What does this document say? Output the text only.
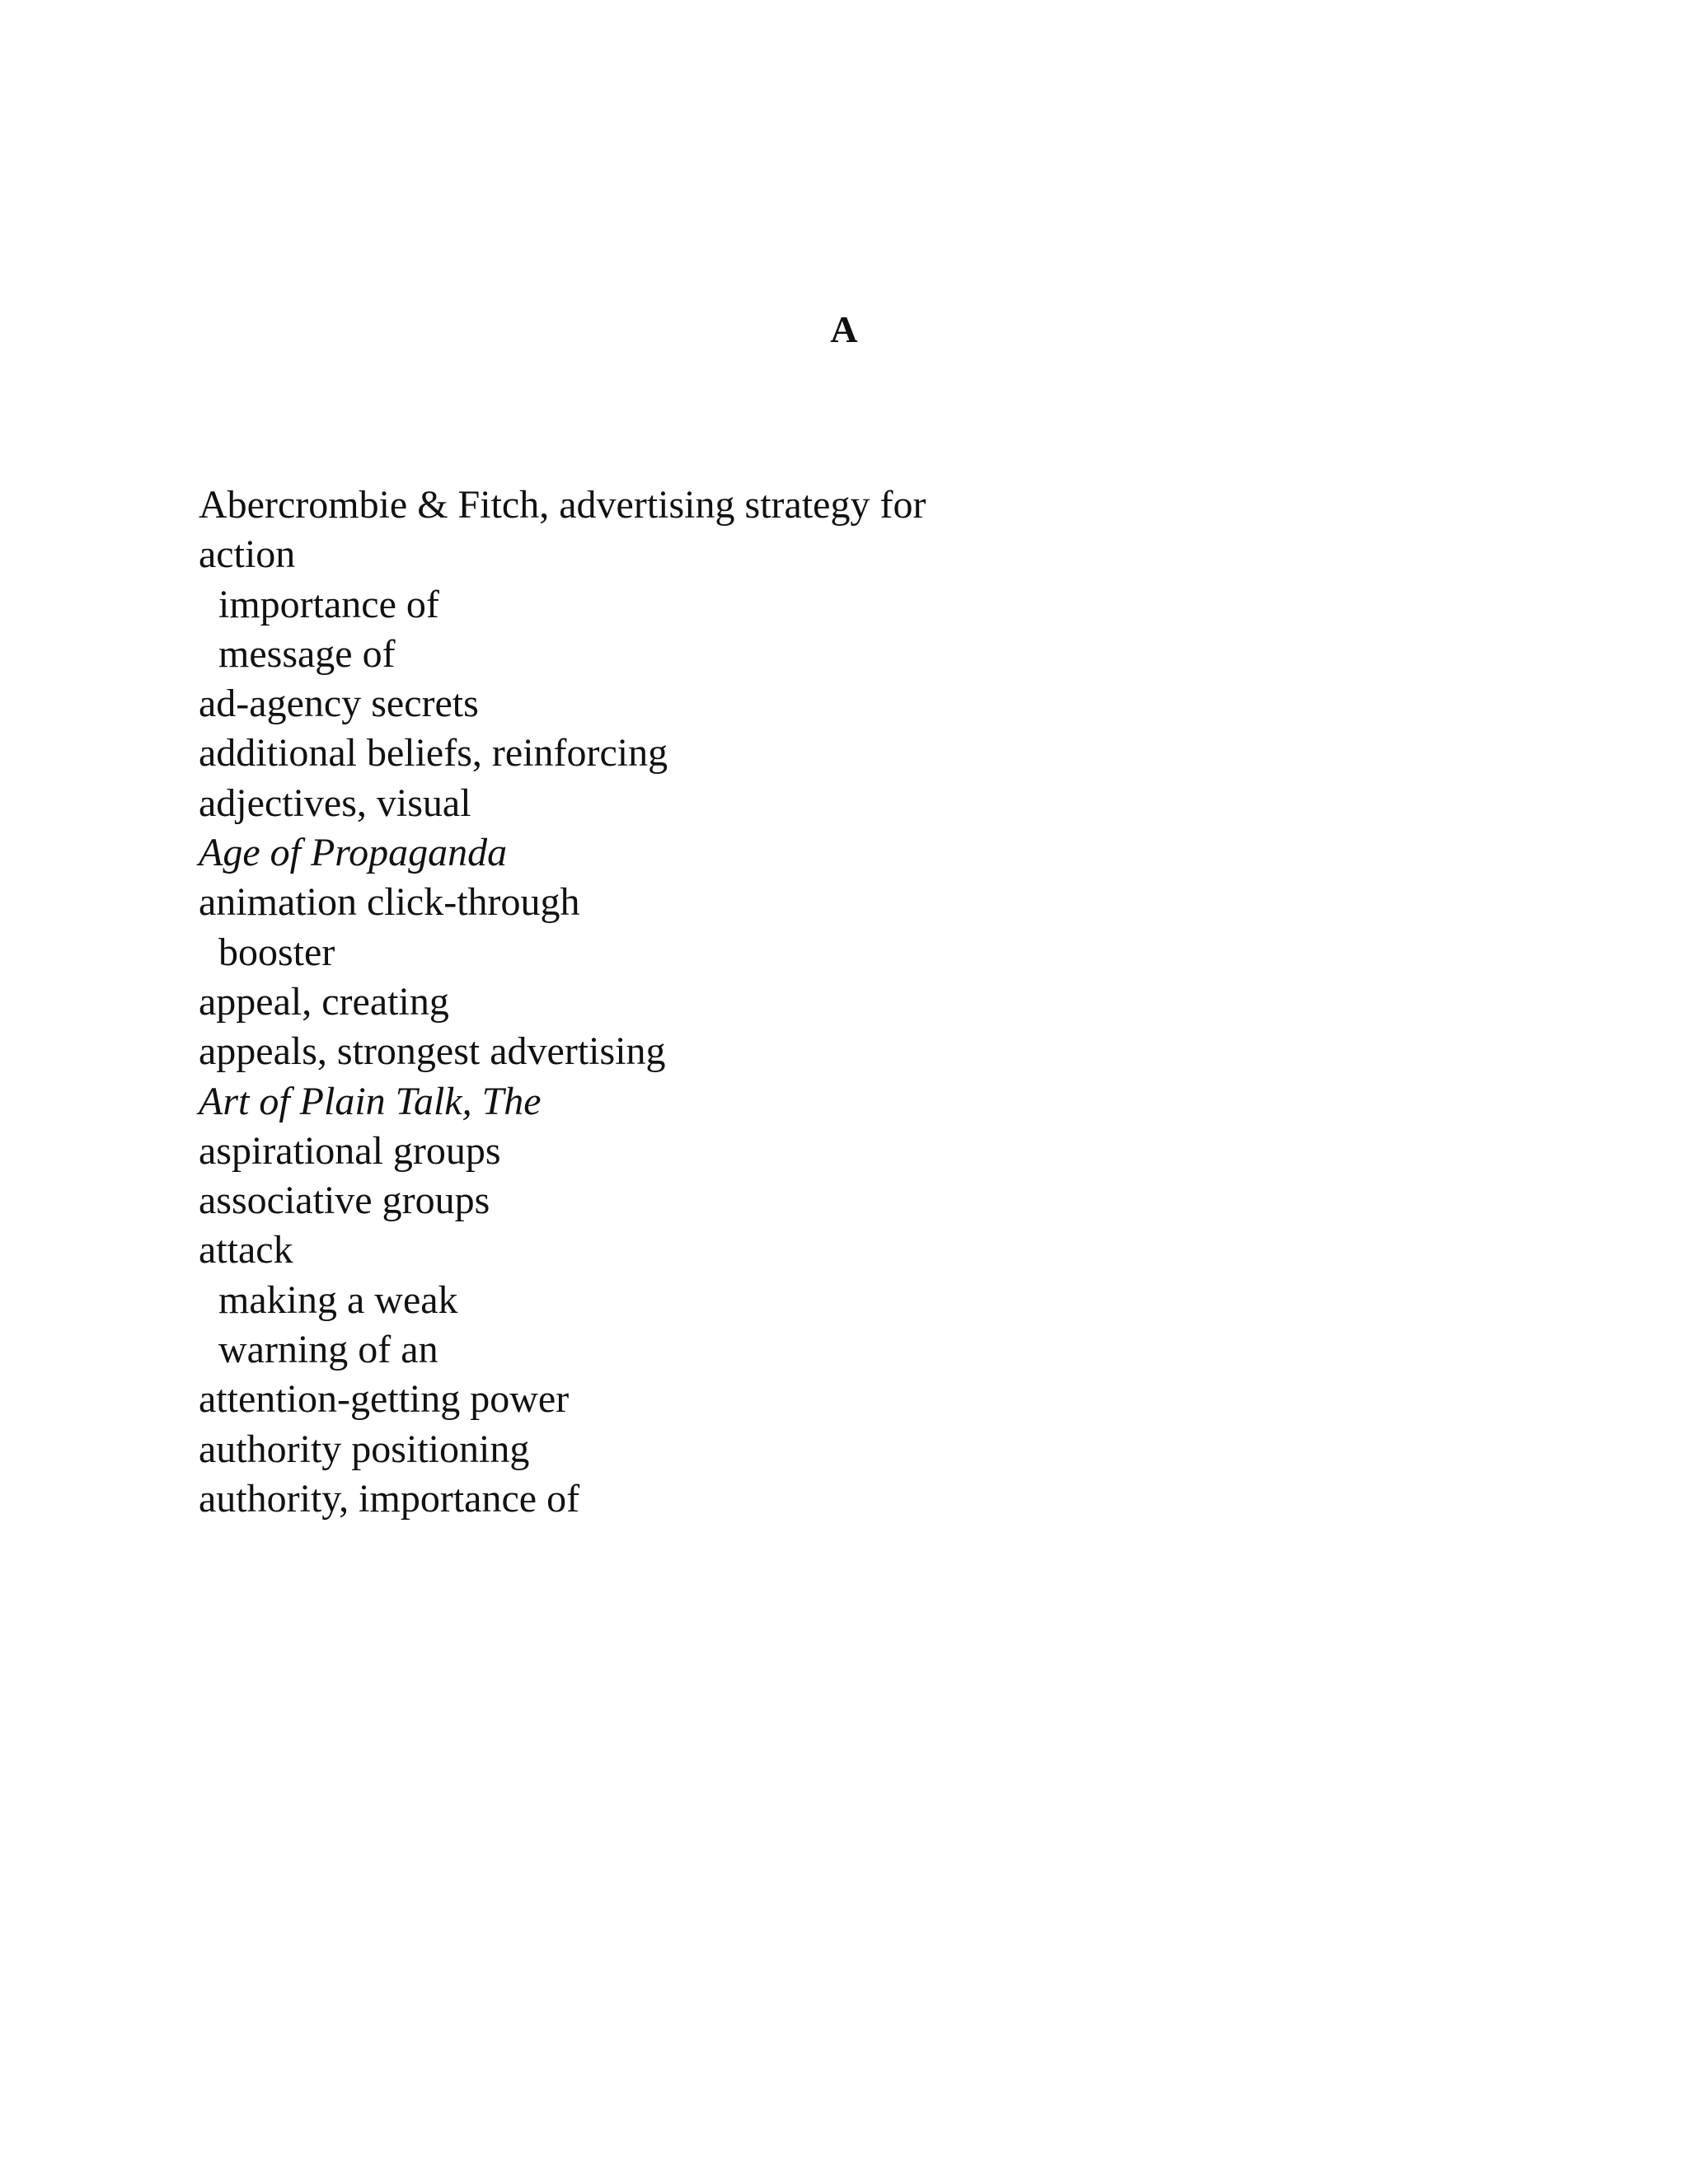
A
Abercrombie & Fitch, advertising strategy for
action
importance of
message of
ad-agency secrets
additional beliefs, reinforcing
adjectives, visual
Age of Propaganda
animation click-through
booster
appeal, creating
appeals, strongest advertising
Art of Plain Talk, The
aspirational groups
associative groups
attack
making a weak
warning of an
attention-getting power
authority positioning
authority, importance of
